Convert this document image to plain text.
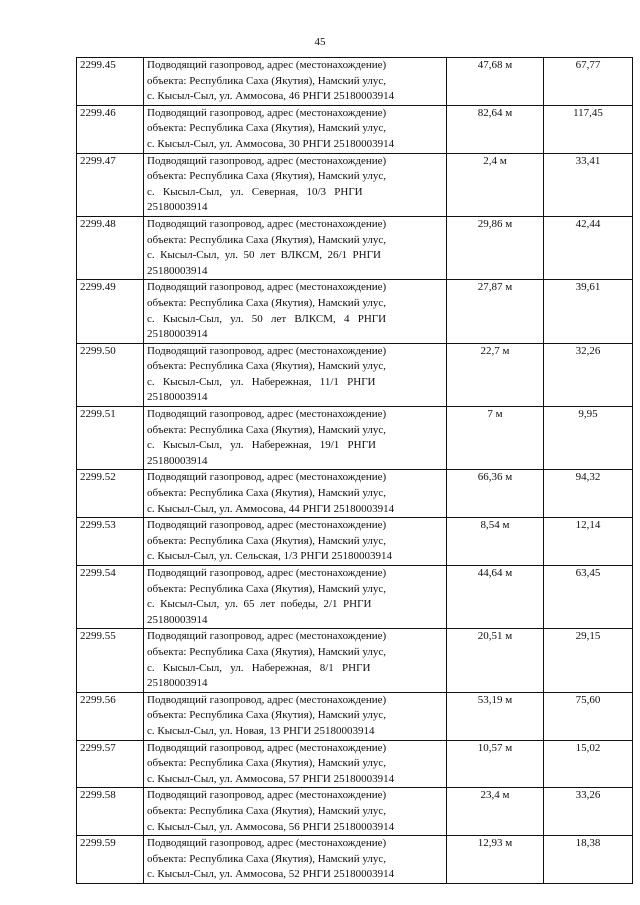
45
2299.45	Подводящий газопровод, адрес (местонахождение)
объекта: Республика Саха (Якутия), Намский улус,
с. Кысыл-Сыл, ул. Аммосова, 46 РНГИ 25180003914	47,68 м	67,77
2299.46	Подводящий газопровод, адрес (местонахождение)
объекта: Республика Саха (Якутия), Намский улус,
с. Кысыл-Сыл, ул. Аммосова, 30 РНГИ 25180003914	82,64 м	117,45
2299.47	Подводящий газопровод, адрес (местонахождение)
объекта: Республика Саха (Якутия), Намский улус,
с.   Кысыл-Сыл,   ул.   Северная,   10/3   РНГИ
25180003914	2,4 м	33,41
2299.48	Подводящий газопровод, адрес (местонахождение)
объекта: Республика Саха (Якутия), Намский улус,
с.  Кысыл-Сыл,  ул.  50  лет  ВЛКСМ,  26/1  РНГИ
25180003914	29,86 м	42,44
2299.49	Подводящий газопровод, адрес (местонахождение)
объекта: Республика Саха (Якутия), Намский улус,
с.   Кысыл-Сыл,   ул.   50   лет   ВЛКСМ,   4   РНГИ
25180003914	27,87 м	39,61
2299.50	Подводящий газопровод, адрес (местонахождение)
объекта: Республика Саха (Якутия), Намский улус,
с.   Кысыл-Сыл,   ул.   Набережная,   11/1   РНГИ
25180003914	22,7 м	32,26
2299.51	Подводящий газопровод, адрес (местонахождение)
объекта: Республика Саха (Якутия), Намский улус,
с.   Кысыл-Сыл,   ул.   Набережная,   19/1   РНГИ
25180003914	7 м	9,95
2299.52	Подводящий газопровод, адрес (местонахождение)
объекта: Республика Саха (Якутия), Намский улус,
с. Кысыл-Сыл, ул. Аммосова, 44 РНГИ 25180003914	66,36 м	94,32
2299.53	Подводящий газопровод, адрес (местонахождение)
объекта: Республика Саха (Якутия), Намский улус,
с. Кысыл-Сыл, ул. Сельская, 1/3 РНГИ 25180003914	8,54 м	12,14
2299.54	Подводящий газопровод, адрес (местонахождение)
объекта: Республика Саха (Якутия), Намский улус,
с.  Кысыл-Сыл,  ул.  65  лет  победы,  2/1  РНГИ
25180003914	44,64 м	63,45
2299.55	Подводящий газопровод, адрес (местонахождение)
объекта: Республика Саха (Якутия), Намский улус,
с.   Кысыл-Сыл,   ул.   Набережная,   8/1   РНГИ
25180003914	20,51 м	29,15
2299.56	Подводящий газопровод, адрес (местонахождение)
объекта: Республика Саха (Якутия), Намский улус,
с. Кысыл-Сыл, ул. Новая, 13 РНГИ 25180003914	53,19 м	75,60
2299.57	Подводящий газопровод, адрес (местонахождение)
объекта: Республика Саха (Якутия), Намский улус,
с. Кысыл-Сыл, ул. Аммосова, 57 РНГИ 25180003914	10,57 м	15,02
2299.58	Подводящий газопровод, адрес (местонахождение)
объекта: Республика Саха (Якутия), Намский улус,
с. Кысыл-Сыл, ул. Аммосова, 56 РНГИ 25180003914	23,4 м	33,26
2299.59	Подводящий газопровод, адрес (местонахождение)
объекта: Республика Саха (Якутия), Намский улус,
с. Кысыл-Сыл, ул. Аммосова, 52 РНГИ 25180003914	12,93 м	18,38
